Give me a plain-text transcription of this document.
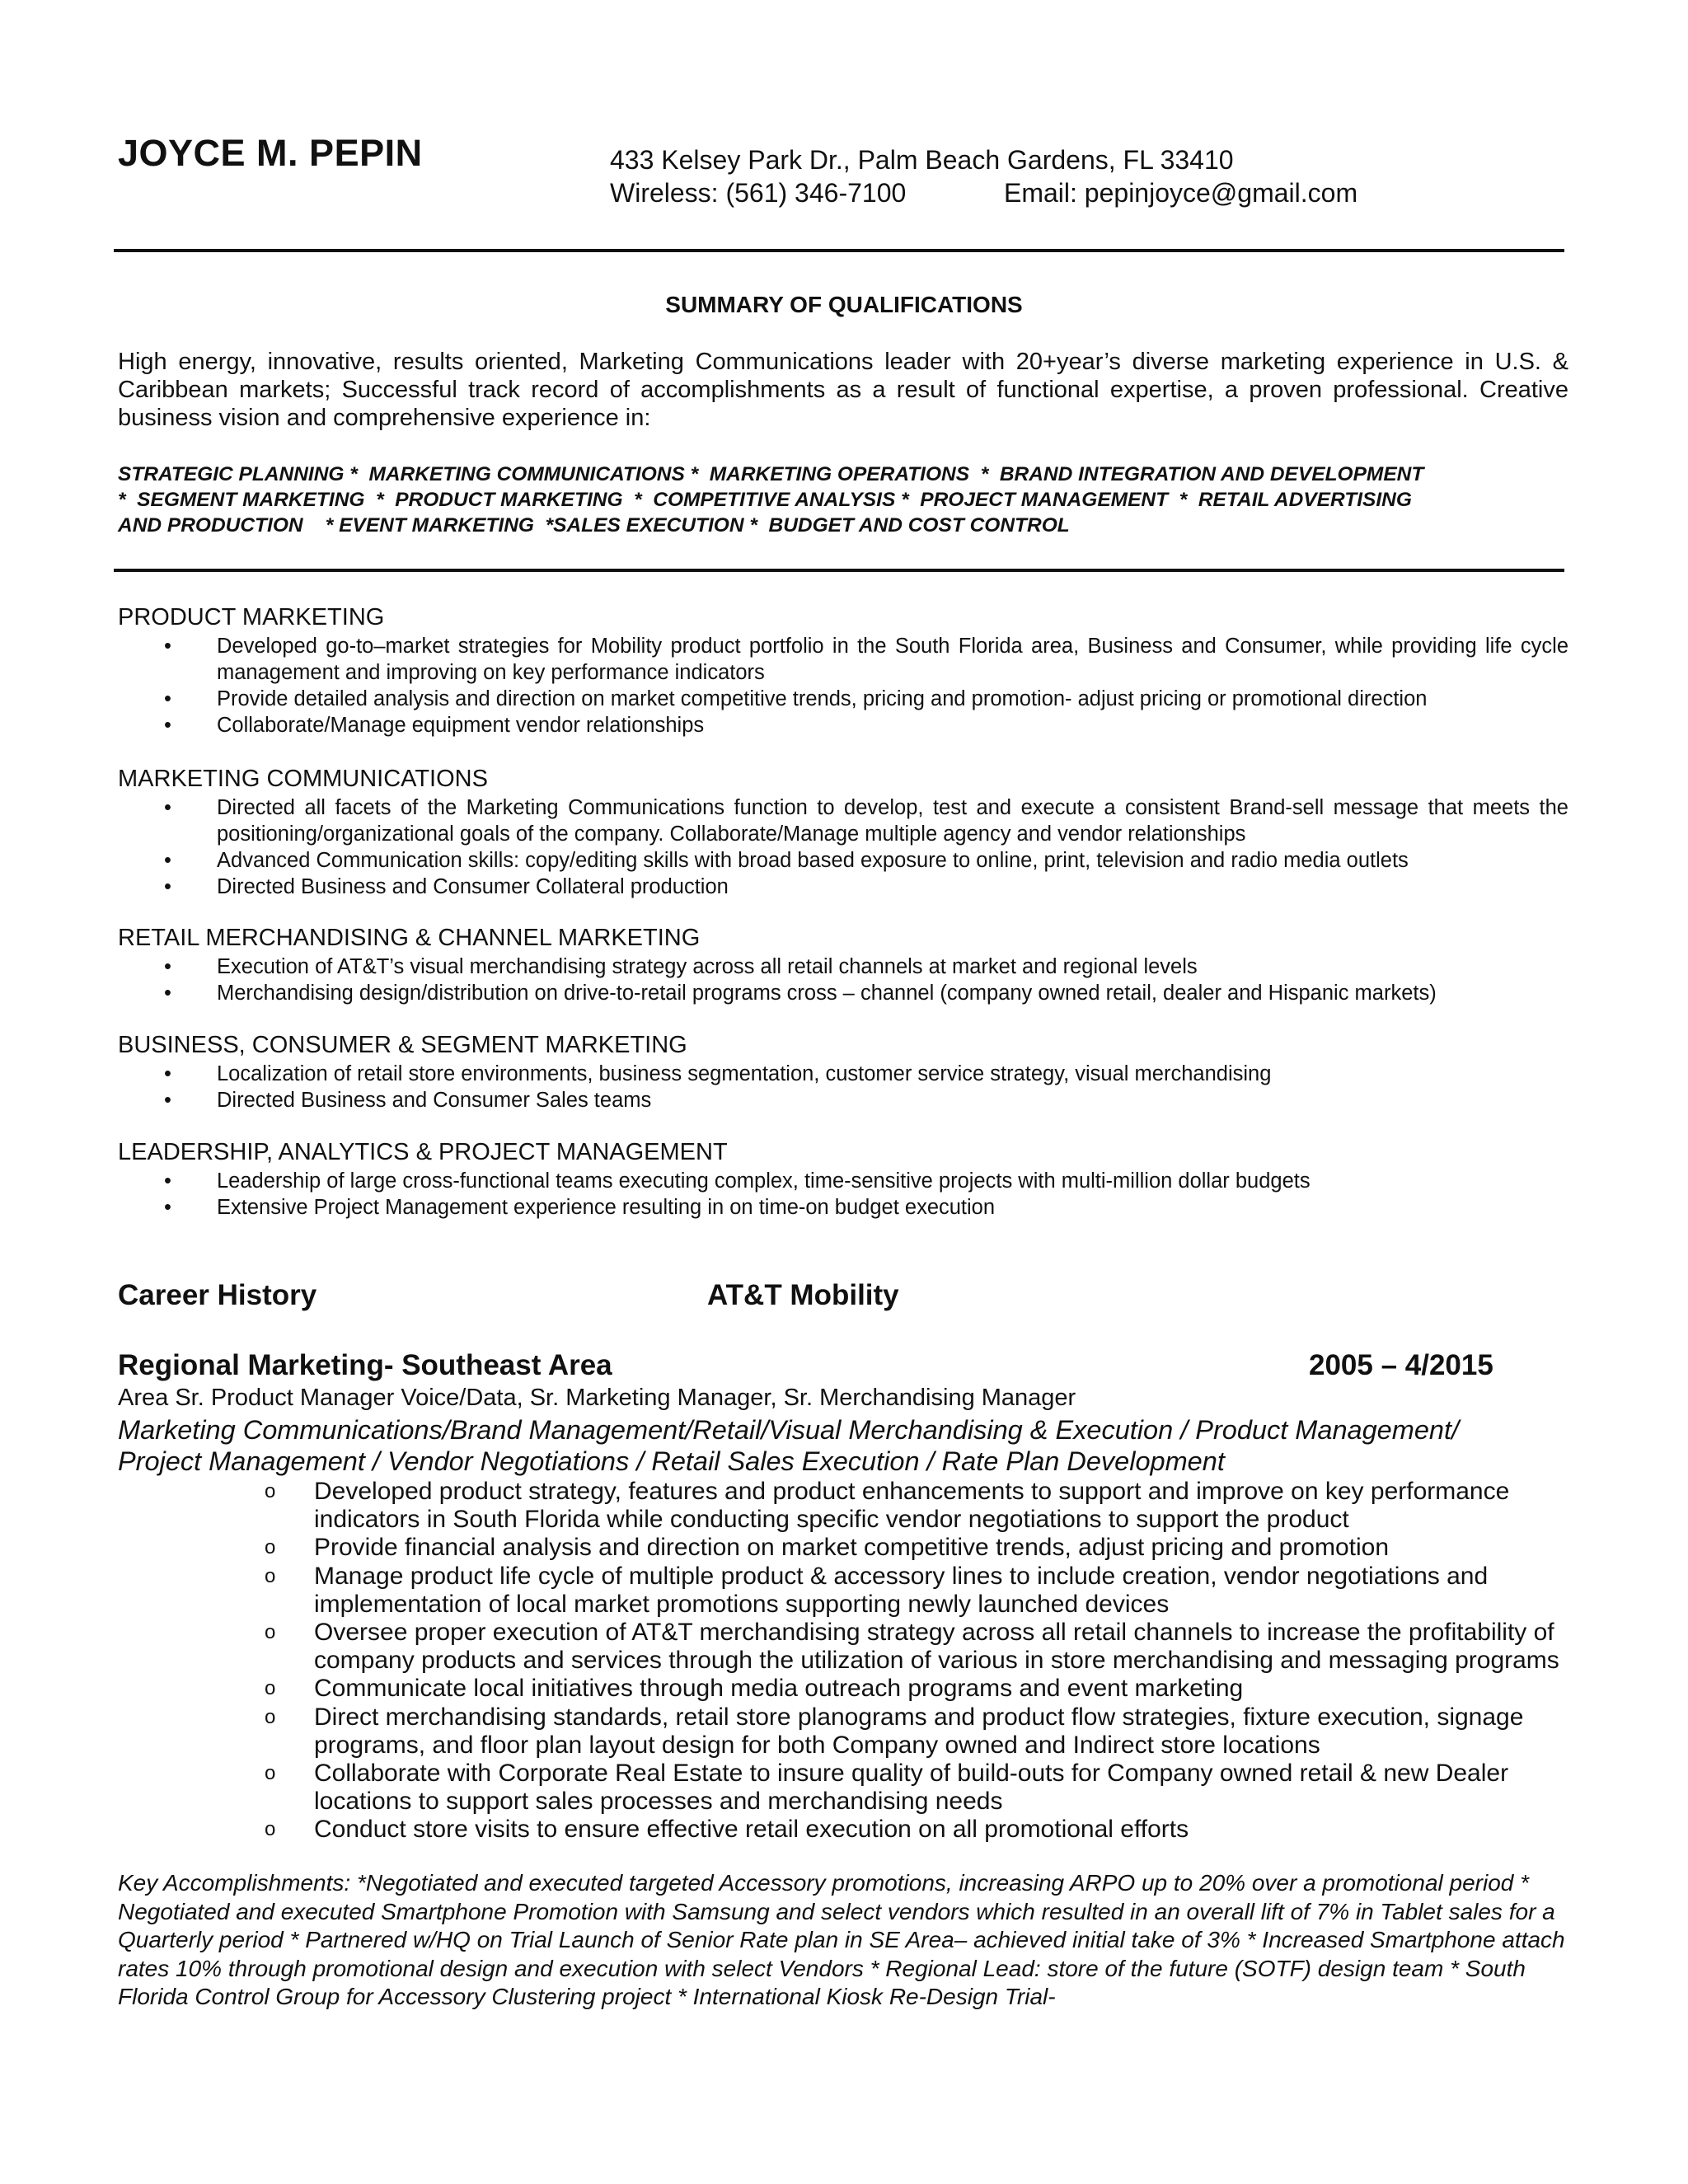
JOYCE M. PEPIN	433 Kelsey Park Dr., Palm Beach Gardens, FL 33410
Wireless: (561) 346-7100	Email: pepinjoyce@gmail.com
SUMMARY OF QUALIFICATIONS
High energy, innovative, results oriented, Marketing Communications leader with 20+year’s diverse marketing experience in U.S. & Caribbean markets; Successful track record of accomplishments as a result of functional expertise, a proven professional. Creative business vision and comprehensive experience in:
STRATEGIC PLANNING *  MARKETING COMMUNICATIONS *  MARKETING OPERATIONS  *  BRAND INTEGRATION AND DEVELOPMENT
*  SEGMENT MARKETING  *  PRODUCT MARKETING  *  COMPETITIVE ANALYSIS *  PROJECT MANAGEMENT  *  RETAIL ADVERTISING
AND PRODUCTION    * EVENT MARKETING  *SALES EXECUTION *  BUDGET AND COST CONTROL
PRODUCT MARKETING
• Developed go-to–market strategies for Mobility product portfolio in the South Florida area, Business and Consumer, while providing life cycle management and improving on key performance indicators
• Provide detailed analysis and direction on market competitive trends, pricing and promotion- adjust pricing or promotional direction
• Collaborate/Manage equipment vendor relationships
MARKETING COMMUNICATIONS
• Directed all facets of the Marketing Communications function to develop, test and execute a consistent Brand-sell message that meets the positioning/organizational goals of the company. Collaborate/Manage multiple agency and vendor relationships
• Advanced Communication skills: copy/editing skills with broad based exposure to online, print, television and radio media outlets
• Directed Business and Consumer Collateral production
RETAIL MERCHANDISING & CHANNEL MARKETING
• Execution of AT&T’s visual merchandising strategy across all retail channels at market and regional levels
• Merchandising design/distribution on drive-to-retail programs cross – channel (company owned retail, dealer and Hispanic markets)
BUSINESS, CONSUMER & SEGMENT MARKETING
• Localization of retail store environments, business segmentation, customer service strategy, visual merchandising
• Directed Business and Consumer Sales teams
LEADERSHIP, ANALYTICS & PROJECT MANAGEMENT
• Leadership of large cross-functional teams executing complex, time-sensitive projects with multi-million dollar budgets
• Extensive Project Management experience resulting in on time-on budget execution
Career History	AT&T Mobility
Regional Marketing- Southeast Area	2005 – 4/2015
Area Sr. Product Manager Voice/Data, Sr. Marketing Manager, Sr. Merchandising Manager
Marketing Communications/Brand Management/Retail/Visual Merchandising & Execution / Product Management/
Project Management / Vendor Negotiations / Retail Sales Execution / Rate Plan Development
o Developed product strategy, features and product enhancements to support and improve on key performance indicators in South Florida while conducting specific vendor negotiations to support the product
o Provide financial analysis and direction on market competitive trends, adjust pricing and promotion
o Manage product life cycle of multiple product & accessory lines to include creation, vendor negotiations and implementation of local market promotions supporting newly launched devices
o Oversee proper execution of AT&T merchandising strategy across all retail channels to increase the profitability of company products and services through the utilization of various in store merchandising and messaging programs
o Communicate local initiatives through media outreach programs and event marketing
o Direct merchandising standards, retail store planograms and product flow strategies, fixture execution, signage programs, and floor plan layout design for both Company owned and Indirect store locations
o Collaborate with Corporate Real Estate to insure quality of build-outs for Company owned retail & new Dealer locations to support sales processes and merchandising needs
o Conduct store visits to ensure effective retail execution on all promotional efforts
Key Accomplishments: *Negotiated and executed targeted Accessory promotions, increasing ARPO up to 20% over a promotional period * Negotiated and executed Smartphone Promotion with Samsung and select vendors which resulted in an overall lift of 7% in Tablet sales for a Quarterly period * Partnered w/HQ on Trial Launch of Senior Rate plan in SE Area– achieved initial take of 3% * Increased Smartphone attach rates 10% through promotional design and execution with select Vendors * Regional Lead: store of the future (SOTF) design team * South Florida Control Group for Accessory Clustering project * International Kiosk Re-Design Trial-
